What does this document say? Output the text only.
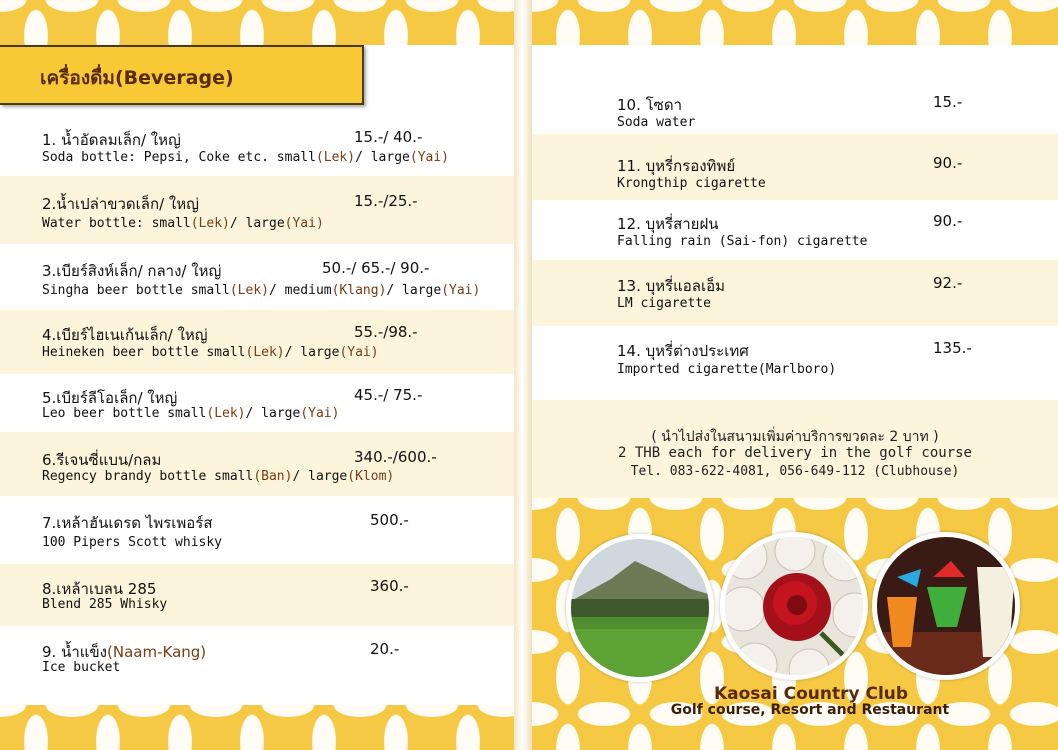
เครื่องดื่ม(Beverage)
1. น้ำอัดลมเล็ก/ ใหญ่	15.-/ 40.-
Soda bottle: Pepsi, Coke etc. small(Lek)/ large(Yai)
2.น้ำเปล่าขวดเล็ก/ ใหญ่	15.-/25.-
Water bottle: small(Lek)/ large(Yai)
3.เบียร์สิงห์เล็ก/ กลาง/ ใหญ่	50.-/ 65.-/ 90.-
Singha beer bottle small(Lek)/ medium(Klang)/ large(Yai)
4.เบียร์ไฮเนเก้นเล็ก/ ใหญ่	55.-/98.-
Heineken beer bottle small(Lek)/ large(Yai)
5.เบียร์ลีโอเล็ก/ ใหญ่	45.-/ 75.-
Leo beer bottle small(Lek)/ large(Yai)
6.รีเจนซี่แบน/กลม	340.-/600.-
Regency brandy bottle small(Ban)/ large(Klom)
7.เหล้าฮันเดรด ไพรเพอร์ส	500.-
100 Pipers Scott whisky
8.เหล้าเบลน 285	360.-
Blend 285 Whisky
9. น้ำแข็ง(Naam-Kang)	20.-
Ice bucket
10. โซดา	15.-
Soda water
11. บุหรี่กรองทิพย์	90.-
Krongthip cigarette
12. บุหรี่สายฝน	90.-
Falling rain (Sai-fon) cigarette
13. บุหรี่แอลเอ็ม	92.-
LM cigarette
14. บุหรี่ต่างประเทศ	135.-
Imported cigarette(Marlboro)
( นำไปส่งในสนามเพิ่มค่าบริการขวดละ 2 บาท )
2 THB each for delivery in the golf course
Tel. 083-622-4081, 056-649-112 (Clubhouse)
Kaosai Country Club
Golf course, Resort and Restaurant
